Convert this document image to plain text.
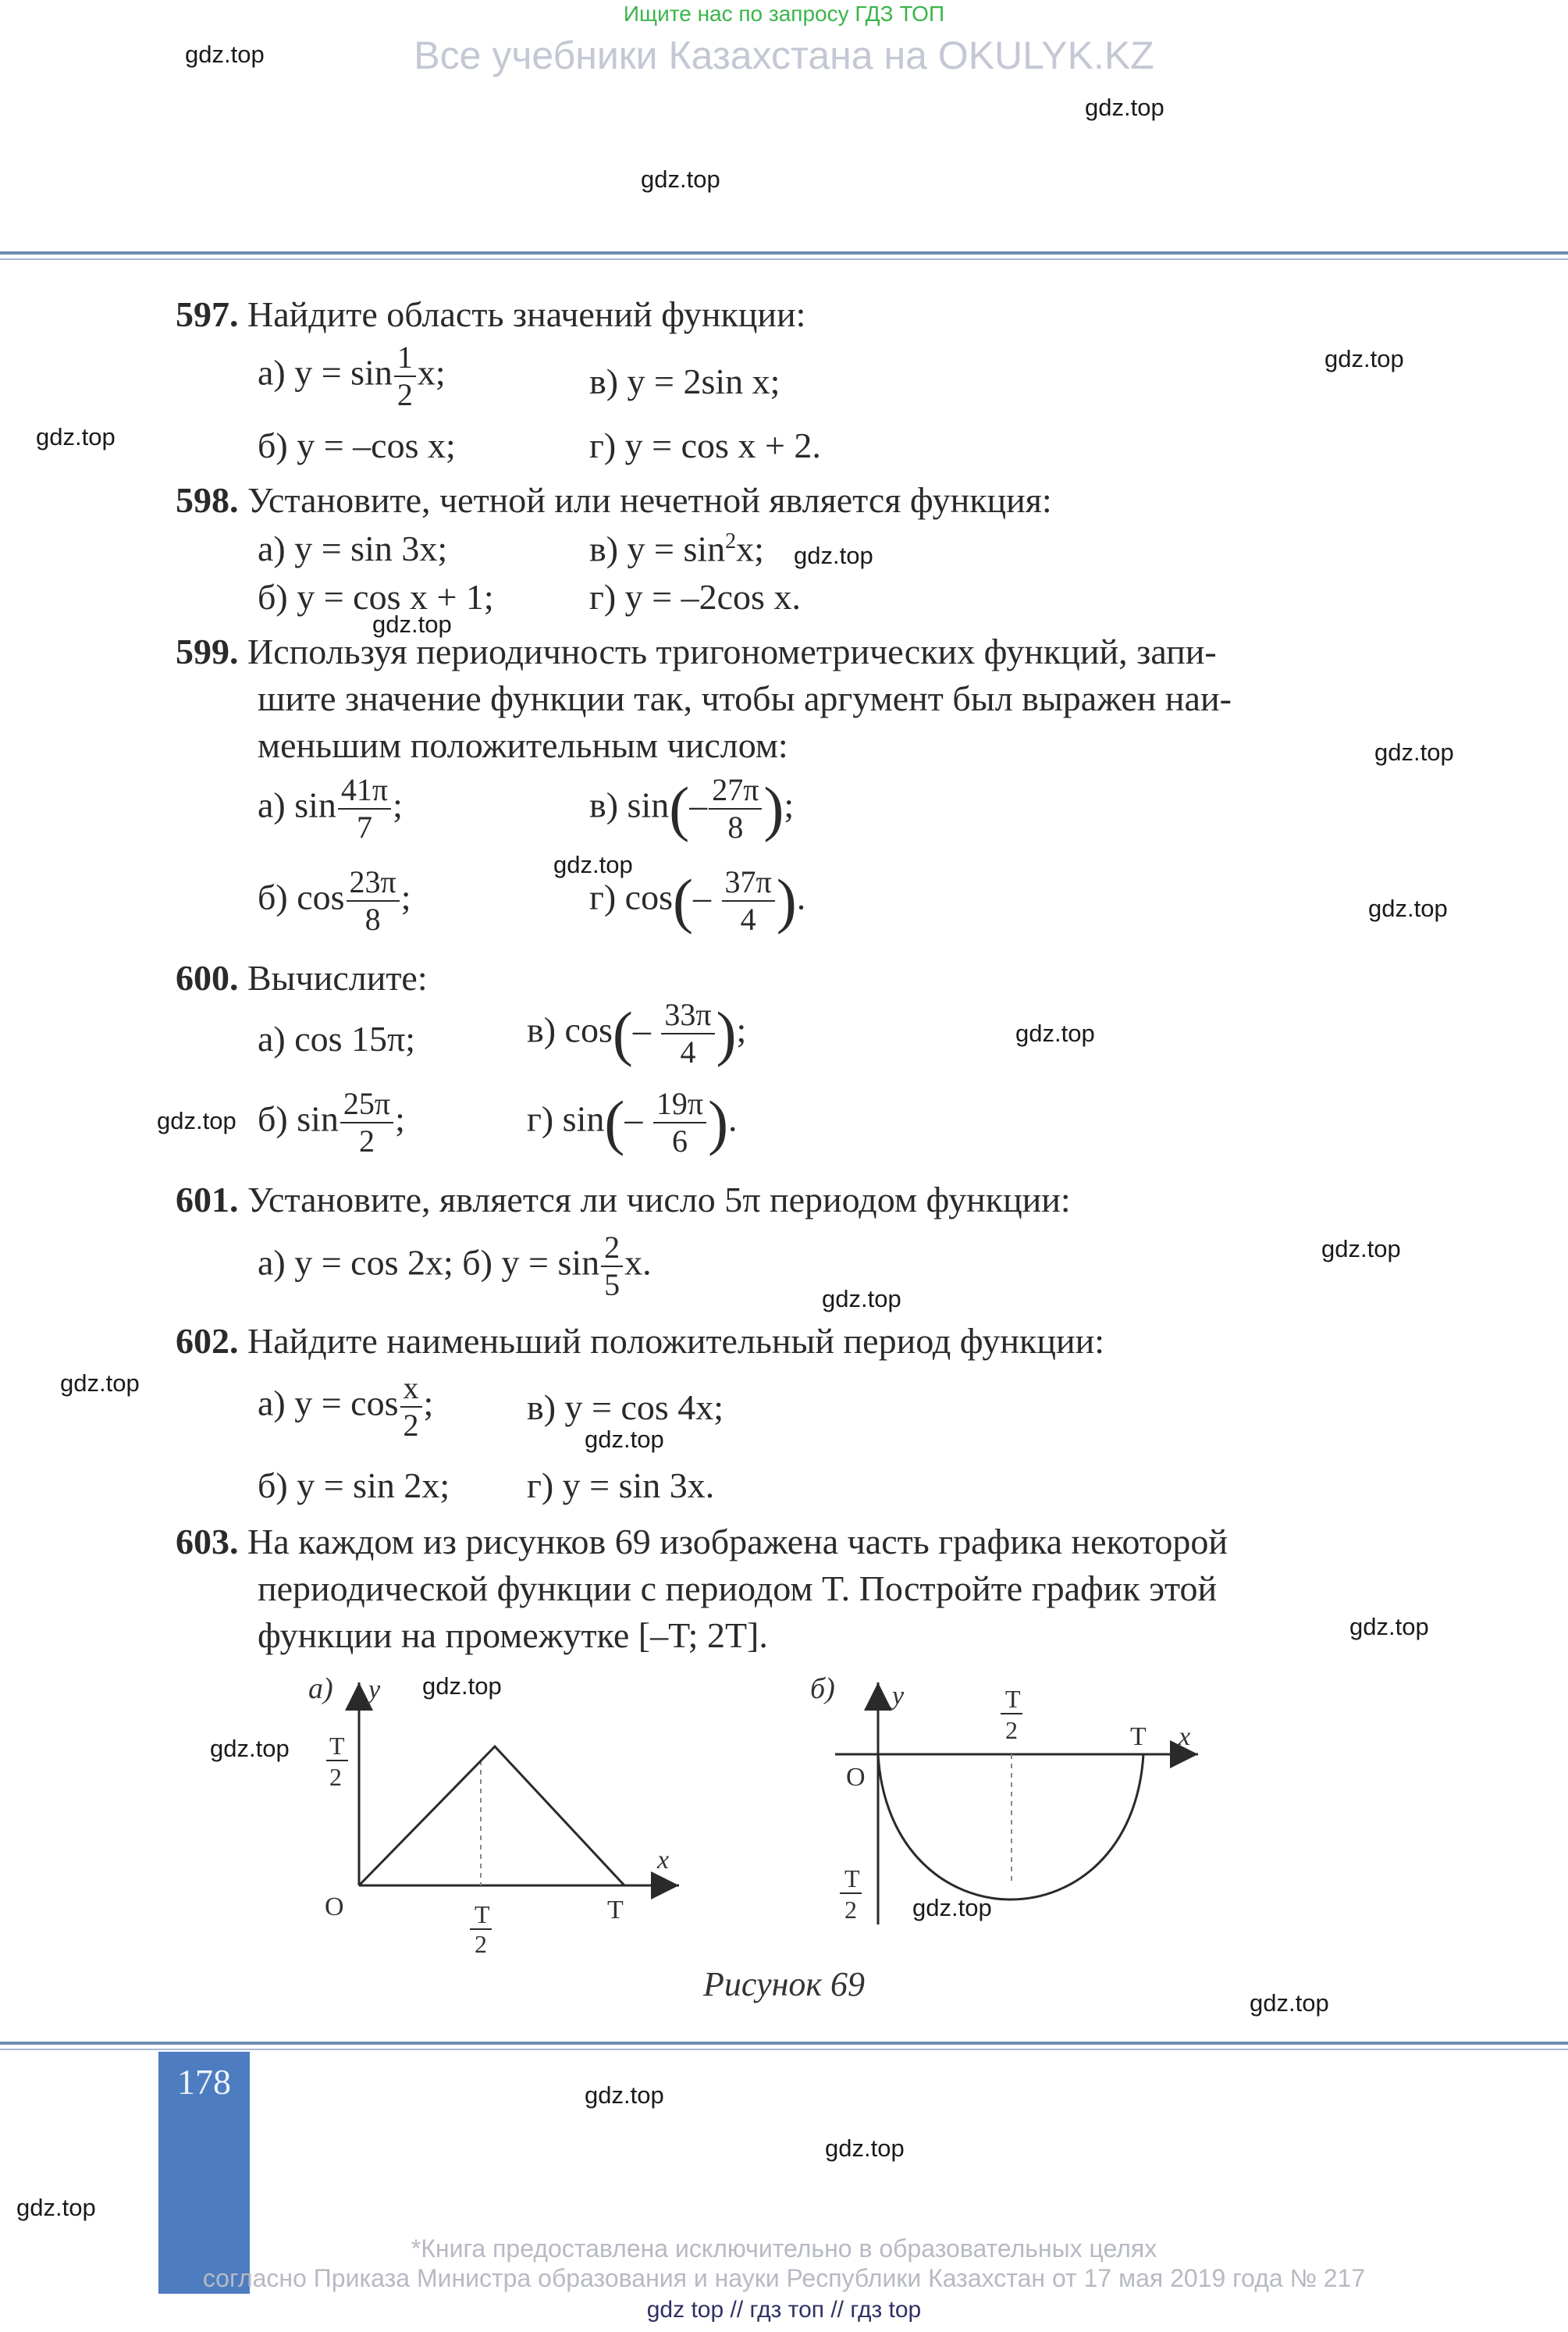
Ищите нас по запросу ГДЗ ТОП
Все учебники Казахстана на OKULYK.KZ
597. Найдите область значений функции:
а) $y = \sin \frac{1}{2} x$;	в) y = 2sin x;
б) y = –cos x;	г) y = cos x + 2.
598. Установите, четной или нечетной является функция:
а) y = sin 3x;	в) $y = \sin^2x$;
б) y = cos x + 1;	г) y = –2cos x.
599. Используя периодичность тригонометрических функций, запи-
шите значение функции так, чтобы аргумент был выражен наи-
меньшим положительным числом:
а) $\sin \frac{41\pi}{7}$ ;	в) $\sin(- \frac{27\pi}{8}$ );
б) $\cos \frac{23\pi}{8}$ ;	г) $\cos(- \frac{37\pi}{4}$ ).
600. Вычислите:
а) cos 15π;	в) $\cos(- \frac{33\pi}{4}$ );
б) $\sin \frac{25\pi}{2}$ ;	г) $\sin(- \frac{19\pi}{6}$ ).
601. Установите, является ли число 5π периодом функции:
а) y = cos 2x; б) $y = \sin \frac{2}{5} x$.
602. Найдите наименьший положительный период функции:
а) $y = \cos \frac{x}{2}$ ;	в) y = cos 4x;
б) y = sin 2x; г) y = sin 3x.
603. На каждом из рисунков 69 изображена часть графика некоторой
периодической функции с периодом T. Постройте график этой
функции на промежутке [–T; 2T].
а) y
x
O
T
2
T
2
T
б) y
x
O
T
2	T
T
2
Рисунок 69
178
*Книга предоставлена исключительно в образовательных целях
согласно Приказа Министра образования и науки Республики Казахстан от 17 мая 2019 года № 217
gdz top // гдз топ // гдз top
gdz.top
gdz.top
gdz.top
gdz.top
gdz.top
gdz.top
gdz.top
gdz.top
gdz.top
gdz.top
gdz.top
gdz.top
gdz.top
gdz.top
gdz.top
gdz.top
gdz.top
gdz.top
gdz.top
gdz.top
gdz.top
gdz.top
gdz.top
gdz.top
